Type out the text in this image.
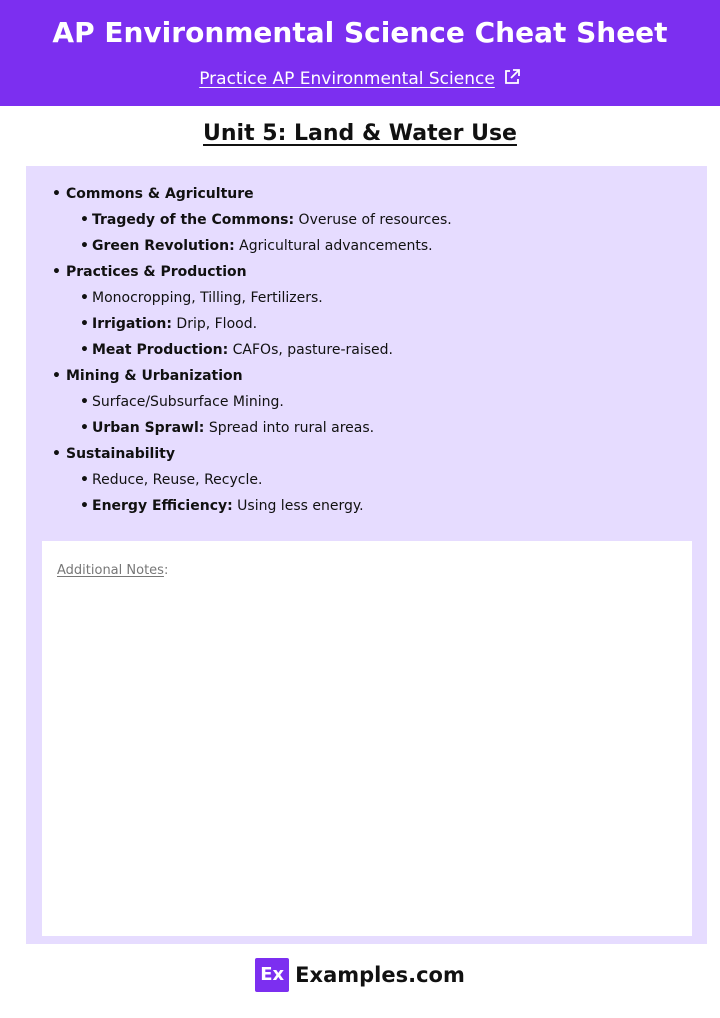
AP Environmental Science Cheat Sheet
Practice AP Environmental Science
Unit 5: Land & Water Use
• Commons & Agriculture
• Tragedy of the Commons: Overuse of resources.
• Green Revolution: Agricultural advancements.
• Practices & Production
• Monocropping, Tilling, Fertilizers.
• Irrigation: Drip, Flood.
• Meat Production: CAFOs, pasture-raised.
• Mining & Urbanization
• Surface/Subsurface Mining.
• Urban Sprawl: Spread into rural areas.
• Sustainability
• Reduce, Reuse, Recycle.
• Energy Efficiency: Using less energy.
Additional Notes:
Ex Examples.com
